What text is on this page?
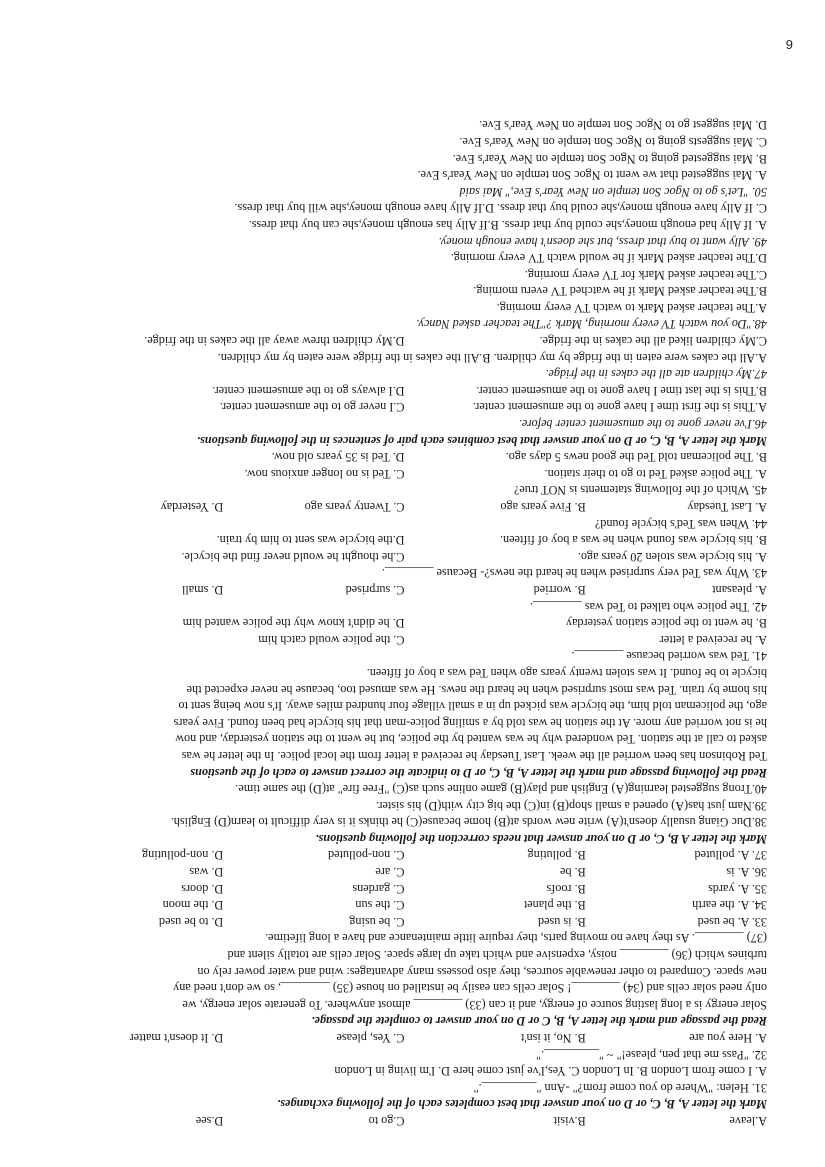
A.leave
B.visit
C.go to
D.see
Mark the letter A, B, C, or D on your answer that best completes each of the following exchanges.
31. Helen: "Where do you come from?" -Ann "_________."
A. I come from London B. In London C. Yes,I've just come here D. I'm living in London
32. "Pass me that pen, please!" ~ "_________."
A. Here you are
B. No, it isn't
C. Yes, please
D. It doesn't matter
Read the passage and mark the letter A, B, C or D on your answer to complete the passage.
Solar energy is a long lasting source of energy, and it can (33) ________ almost anywhere. To generate solar energy, we
only need solar cells and (34) ________! Solar cells can easily be installed on house (35) ________, so we don't need any
new space. Compared to other renewable sources, they also possess many advantages: wind and water power rely on
turbines which (36) ________ noisy, expensive and which take up large space. Solar cells are totally silent and
(37) ________. As they have no moving parts, they require little maintenance and have a long lifetime.
33. A. be used
B. is used
C. be using
D. to be used
34. A. the earth
B. the planet
C. the sun
D. the moon
35. A. yards
B. roofs
C. gardens
D. doors
36. A. is
B. be
C. are
D. was
37. A. polluted
B. polluting
C. non-polluted
D. non-polluting
Mark the letter A B, C, or D on your answer that needs correction the following questions.
38.Duc Giang usually doesn't(A) write new words at(B) home because(C) he thinks it is very difficult to learn(D) English.
39.Nam just has(A) opened a small shop(B) in(C) the big city with(D) his sister.
40.Trong suggested learning(A) English and play(B) game online such as(C) "Free fire" at(D) the same time.
Read the following passage and mark the letter A, B, C, or D to indicate the correct answer to each of the questions
Ted Robinson has been worried all the week. Last Tuesday he received a letter from the local police. In the letter he was
asked to call at the station. Ted wondered why he was wanted by the police, but he went to the station yesterday, and now
he is not worried any more. At the station he was told by a smiling police-man that his bicycle had been found. Five years
ago, the policeman told him, the bicycle was picked up in a small village four hundred miles away. It's now being sent to
his home by train. Ted was most surprised when he heard the news. He was amused too, because he never expected the
bicycle to be found. It was stolen twenty years ago when Ted was a boy of fifteen.
41. Ted was worried because ________.
A. he received a letter
C. the police would catch him
B. he went to the police station yesterday
D. he didn't know why the police wanted him
42. The police who talked to Ted was ________.
A. pleasant
B. worried
C. surprised
D. small
43. Why was Ted very surprised when he heard the news?- Because ________.
A. his bicycle was stolen 20 years ago.
C.he thought he would never find the bicycle.
B. his bicycle was found when he was a boy of fifteen.
D.the bicycle was sent to him by train.
44. When was Ted's bicycle found?
A. Last Tuesday
B. Five years ago
C. Twenty years ago
D. Yesterday
45. Which of the following statements is NOT true?
A. The police asked Ted to go to their station.
C. Ted is no longer anxious now.
B. The policeman told Ted the good news 5 days ago.
D. Ted is 35 years old now.
Mark the letter A, B, C, or D on your answer that best combines each pair of sentences in the following questions.
46.I've never gone to the amusement center before.
A.This is the first time I have gone to the amusement center.
C.I never go to the amusement center.
B.This is the last time I have gone to the amusement center.
D.I always go to the amusement center.
47.My children ate all the cakes in the fridge.
A.All the cakes were eaten in the fridge by my children. B.All the cakes in the fridge were eaten by my children.
C.My children liked all the cakes in the fridge.
D.My children threw away all the cakes in the fridge.
48."Do you watch TV every morning, Mark ?"The teacher asked Nancy.
A.The teacher asked Mark to watch TV every morning.
B.The teacher asked Mark if he watched TV everu morning.
C.The teacher asked Mark for TV every morning.
D.The teacher asked Mark if he would watch TV every morning.
49. Ally want to buy that dress, but she doesn't have enough money.
A. If Ally had enough money,she could buy that dress. B.If Ally has enough money,she can buy that dress.
C. If Ally have enough money,she could buy that dress. D.If Ally have enough money,she will buy that dress.
50. "Let's go to Ngoc Son temple on New Year's Eve," Mai said
A. Mai suggested that we went to Ngoc Son temple on New Year's Eve.
B. Mai suggested going to Ngoc Son temple on New Year's Eve.
C. Mai suggests going to Ngoc Son temple on New Year's Eve.
D. Mai suggest go to Ngoc Son temple on New Year's Eve.
6
